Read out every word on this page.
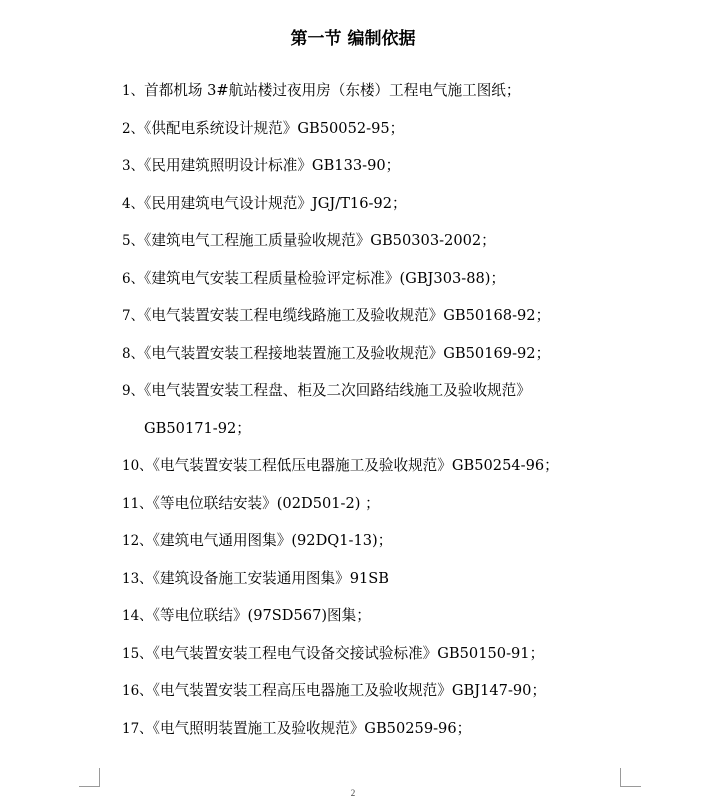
第一节 编制依据
1、首都机场 3#航站楼过夜用房（东楼）工程电气施工图纸；
2、《供配电系统设计规范》GB50052-95；
3、《民用建筑照明设计标准》GB133-90；
4、《民用建筑电气设计规范》JGJ/T16-92；
5、《建筑电气工程施工质量验收规范》GB50303-2002；
6、《建筑电气安装工程质量检验评定标准》(GBJ303-88)；
7、《电气装置安装工程电缆线路施工及验收规范》GB50168-92；
8、《电气装置安装工程接地装置施工及验收规范》GB50169-92；
9、《电气装置安装工程盘、柜及二次回路结线施工及验收规范》
GB50171-92；
10、《电气装置安装工程低压电器施工及验收规范》GB50254-96；
11、《等电位联结安装》(02D501-2) ；
12、《建筑电气通用图集》(92DQ1-13)；
13、《建筑设备施工安装通用图集》91SB
14、《等电位联结》(97SD567)图集；
15、《电气装置安装工程电气设备交接试验标准》GB50150-91；
16、《电气装置安装工程高压电器施工及验收规范》GBJ147-90；
17、《电气照明装置施工及验收规范》GB50259-96；
2
